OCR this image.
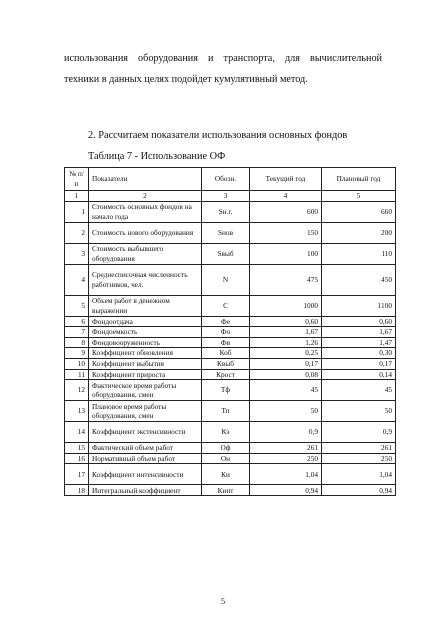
использования оборудования и транспорта, для вычислительной техники в данных целях подойдет кумулятивный метод.

2. Рассчитаем показатели использования основных фондов
Таблица 7 - Использование ОФ
№ п/п	Показатели	Обозн.	Текущий год	Плановый год
1	2	3	4	5
1	Стоимость основных фондов на начало года	Sн.г.	600	660
2	Стоимость нового оборудования	Sнов	150	200
3	Стоимость выбывшего оборудования	Sвыб	100	110
4	Среднесписочная численность работников, чел.	N	475	450
5	Объем работ в денежном выражении	C	1000	1100
6	Фондоотдача	Фе	0,60	0,60
7	Фондоемкость	Фо	1,67	1,67
8	Фондовооруженность	Фв	1,26	1,47
9	Коэффициент обновления	Коб	0,25	0,30
10	Коэффициент выбытия	Квыб	0,17	0,17
11	Коэффициент прироста	Крост	0,08	0,14
12	Фактическое время работы оборудования, смен	Тф	45	45
13	Плановое время работы оборудования, смен	Тп	50	50
14	Коэффициент экстенсивности	Кэ	0,9	0,9
15	Фактический объем работ	Оф	261	261
16	Нормативный объем работ	Он	250	250
17	Коэффициент интенсивности	Ки	1,04	1,04
18	Интегральный коэффициент	Кинт	0,94	0,94
5
